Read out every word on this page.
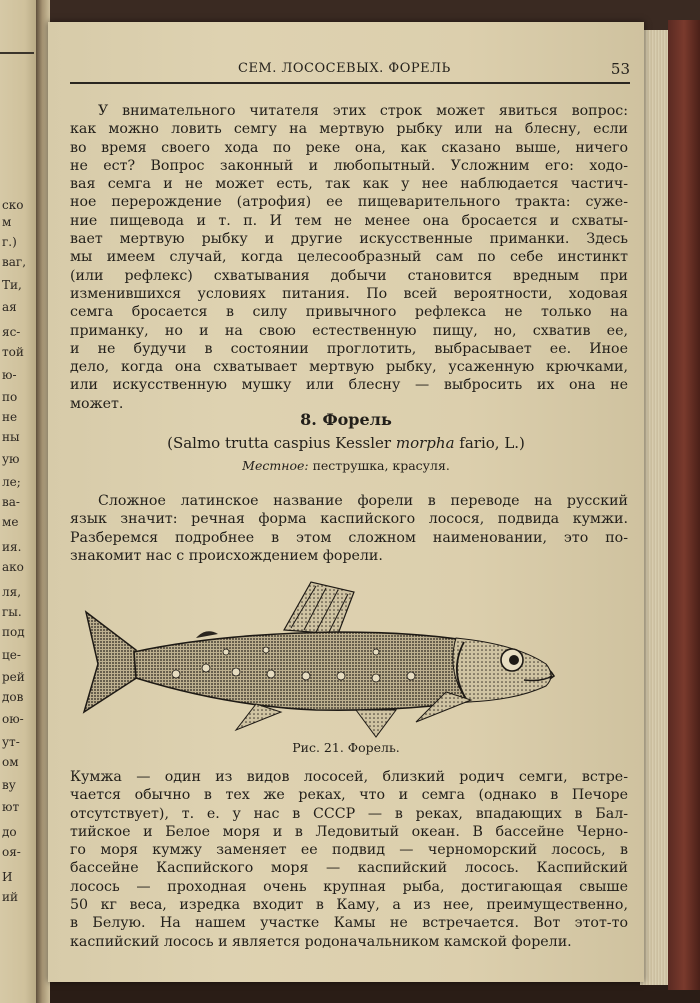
ско
м
г.)
ваг,
Ти,
ая
яс-
той
ю-
по
не
ны
ую
ле;
ва-
ме
ия.
ако
ля,
гы.
под
це-
рей
дов
ою-
ут-
ом
ву
ют
до
оя-
И
ий
СЕМ. ЛОСОСЕВЫХ. ФОРЕЛЬ	53
У внимательного читателя этих строк может явиться вопрос:
как можно ловить семгу на мертвую рыбку или на блесну, если
во время своего хода по реке она, как сказано выше, ничего
не ест? Вопрос законный и любопытный. Усложним его: ходо-
вая семга и не может есть, так как у нее наблюдается частич-
ное перерождение (атрофия) ее пищеварительного тракта: суже-
ние пищевода и т. п. И тем не менее она бросается и схваты-
вает мертвую рыбку и другие искусственные приманки. Здесь
мы имеем случай, когда целесообразный сам по себе инстинкт
(или рефлекс) схватывания добычи становится вредным при
изменившихся условиях питания. По всей вероятности, ходовая
семга бросается в силу привычного рефлекса не только на
приманку, но и на свою естественную пищу, но, схватив ее,
и не будучи в состоянии проглотить, выбрасывает ее. Иное
дело, когда она схватывает мертвую рыбку, усаженную крючками,
или искусственную мушку или блесну — выбросить их она не
может.
8. Форель
(Salmo trutta caspius Kessler morpha fario, L.)
Местное: пеструшка, красуля.
Сложное латинское название форели в переводе на русский
язык значит: речная форма каспийского лосося, подвида кумжи.
Разберемся подробнее в этом сложном наименовании, это по-
знакомит нас с происхождением форели.
Рис. 21. Форель.
Кумжа — один из видов лососей, близкий родич семги, встре-
чается обычно в тех же реках, что и семга (однако в Печоре
отсутствует), т. е. у нас в СССР — в реках, впадающих в Бал-
тийское и Белое моря и в Ледовитый океан. В бассейне Черно-
го моря кумжу заменяет ее подвид — черноморский лосось, в
бассейне Каспийского моря — каспийский лосось. Каспийский
лосось — проходная очень крупная рыба, достигающая свыше
50 кг веса, изредка входит в Каму, а из нее, преимущественно,
в Белую. На нашем участке Камы не встречается. Вот этот-то
каспийский лосось и является родоначальником камской форели.
